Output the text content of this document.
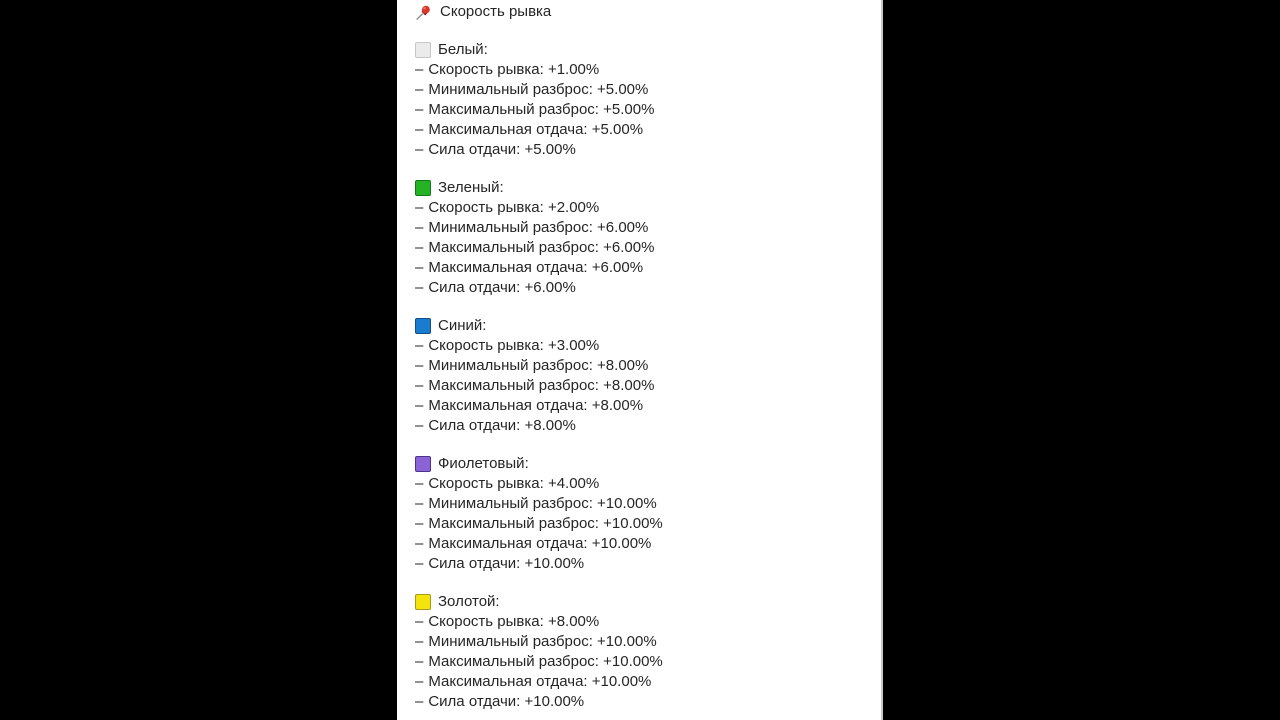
Скорость рывка
Белый:
– Скорость рывка: +1.00%
– Минимальный разброс: +5.00%
– Максимальный разброс: +5.00%
– Максимальная отдача: +5.00%
– Сила отдачи: +5.00%
Зеленый:
– Скорость рывка: +2.00%
– Минимальный разброс: +6.00%
– Максимальный разброс: +6.00%
– Максимальная отдача: +6.00%
– Сила отдачи: +6.00%
Синий:
– Скорость рывка: +3.00%
– Минимальный разброс: +8.00%
– Максимальный разброс: +8.00%
– Максимальная отдача: +8.00%
– Сила отдачи: +8.00%
Фиолетовый:
– Скорость рывка: +4.00%
– Минимальный разброс: +10.00%
– Максимальный разброс: +10.00%
– Максимальная отдача: +10.00%
– Сила отдачи: +10.00%
Золотой:
– Скорость рывка: +8.00%
– Минимальный разброс: +10.00%
– Максимальный разброс: +10.00%
– Максимальная отдача: +10.00%
– Сила отдачи: +10.00%
